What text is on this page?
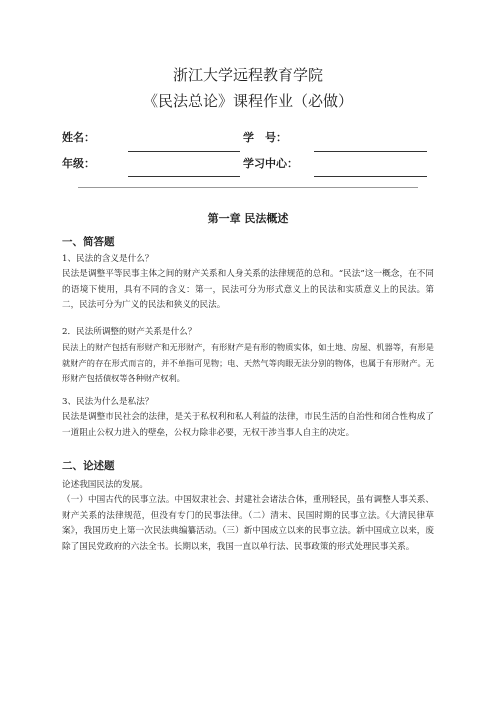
浙江大学远程教育学院
《民法总论》课程作业（必做）
姓名：	学　号：
年级：	学习中心：
第一章 民法概述
一、简答题
1、民法的含义是什么？
民法是调整平等民事主体之间的财产关系和人身关系的法律规范的总和。“民法”这一概念，在不同的语境下使用，具有不同的含义：第一，民法可分为形式意义上的民法和实质意义上的民法。第二，民法可分为广义的民法和狭义的民法。
2．民法所调整的财产关系是什么？
民法上的财产包括有形财产和无形财产，有形财产是有形的物质实体，如土地、房屋、机器等，有形是就财产的存在形式而言的，并不单指可见物；电、天然气等肉眼无法分别的物体，也属于有形财产。无形财产包括债权等各种财产权利。
3、民法为什么是私法？
民法是调整市民社会的法律，是关于私权利和私人利益的法律，市民生活的自治性和闭合性构成了一道阻止公权力进入的壁垒，公权力除非必要，无权干涉当事人自主的决定。
二、论述题
论述我国民法的发展。
（一）中国古代的民事立法。中国奴隶社会、封建社会诸法合体，重刑轻民，虽有调整人事关系、财产关系的法律规范，但没有专门的民事法律。（二）清末、民国时期的民事立法。《大清民律草案》，我国历史上第一次民法典编纂活动。（三）新中国成立以来的民事立法。新中国成立以来，废除了国民党政府的六法全书。长期以来，我国一直以单行法、民事政策的形式处理民事关系。
